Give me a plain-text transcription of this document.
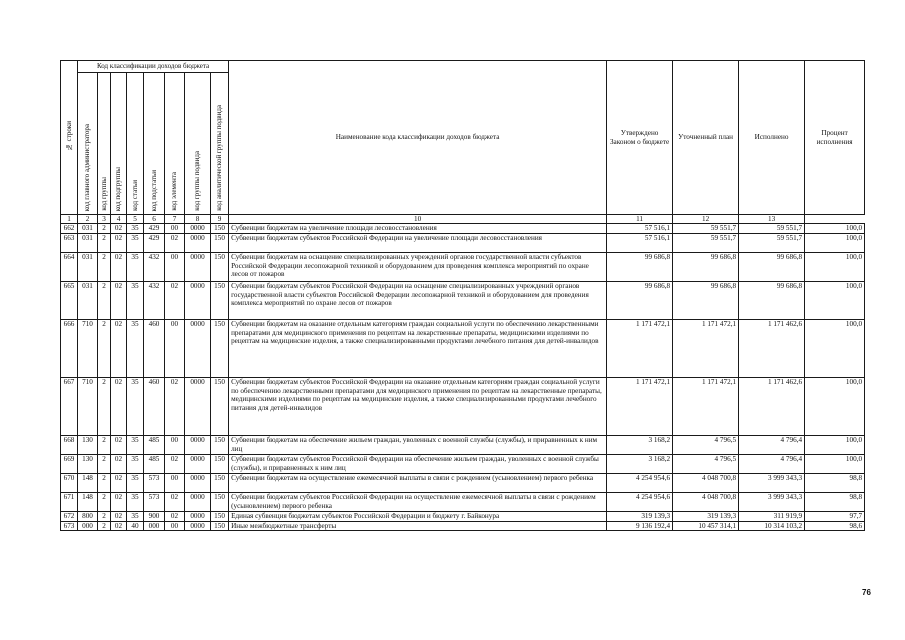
№ строки	Код классификации доходов бюджета								Наименование кода классификации доходов бюджета	Утверждено Законом о бюджете	Уточненный план	Исполнено	Процент исполнения

	код главного администратора	код группы	код подгруппы	код статьи	код подстатьи	код элемента	код группы подвида	код аналитической группы подвида					

1	2	3	4	5	6	7	8	9	10	11	12	13	
662	031	2	02	35	429	00	0000	150	Субвенции бюджетам на увеличение площади лесовосстановления	57 516,1	59 551,7	59 551,7	100,0
663	031	2	02	35	429	02	0000	150	Субвенции бюджетам субъектов Российской Федерации на увеличение площади лесовосстановления	57 516,1	59 551,7	59 551,7	100,0
664	031	2	02	35	432	00	0000	150	Субвенции бюджетам на оснащение специализированных учреждений органов государственной власти субъектов Российской Федерации лесопожарной техникой и оборудованием для проведения комплекса мероприятий по охране лесов от пожаров	99 686,8	99 686,8	99 686,8	100,0
665	031	2	02	35	432	02	0000	150	Субвенции бюджетам субъектов Российской Федерации на оснащение специализированных учреждений органов государственной власти субъектов Российской Федерации лесопожарной техникой и оборудованием для проведения комплекса мероприятий по охране лесов от пожаров	99 686,8	99 686,8	99 686,8	100,0
666	710	2	02	35	460	00	0000	150	Субвенции бюджетам на оказание отдельным категориям граждан социальной услуги по обеспечению лекарственными препаратами для медицинского применения по рецептам на лекарственные препараты, медицинскими изделиями по рецептам на медицинские изделия, а также специализированными продуктами лечебного питания для детей-инвалидов	1 171 472,1	1 171 472,1	1 171 462,6	100,0
667	710	2	02	35	460	02	0000	150	Субвенции бюджетам субъектов Российской Федерации на оказание отдельным категориям граждан социальной услуги по обеспечению лекарственными препаратами для медицинского применения по рецептам на лекарственные препараты, медицинскими изделиями по рецептам на медицинские изделия, а также специализированными продуктами лечебного питания для детей-инвалидов	1 171 472,1	1 171 472,1	1 171 462,6	100,0
668	130	2	02	35	485	00	0000	150	Субвенции бюджетам на обеспечение жильем граждан, уволенных с военной службы (службы), и приравненных к ним лиц	3 168,2	4 796,5	4 796,4	100,0
669	130	2	02	35	485	02	0000	150	Субвенции бюджетам субъектов Российской Федерации на обеспечение жильем граждан, уволенных с военной службы (службы), и приравненных к ним лиц	3 168,2	4 796,5	4 796,4	100,0
670	148	2	02	35	573	00	0000	150	Субвенции бюджетам на осуществление ежемесячной выплаты в связи с рождением (усыновлением) первого ребенка	4 254 954,6	4 048 700,8	3 999 343,3	98,8
671	148	2	02	35	573	02	0000	150	Субвенции бюджетам субъектов Российской Федерации на осуществление ежемесячной выплаты в связи с рождением (усыновлением) первого ребенка	4 254 954,6	4 048 700,8	3 999 343,3	98,8
672	800	2	02	35	900	02	0000	150	Единая субвенция бюджетам субъектов Российской Федерации и бюджету г. Байконура	319 139,3	319 139,3	311 919,9	97,7
673	000	2	02	40	000	00	0000	150	Иные межбюджетные трансферты	9 136 192,4	10 457 314,1	10 314 103,2	98,6
76
